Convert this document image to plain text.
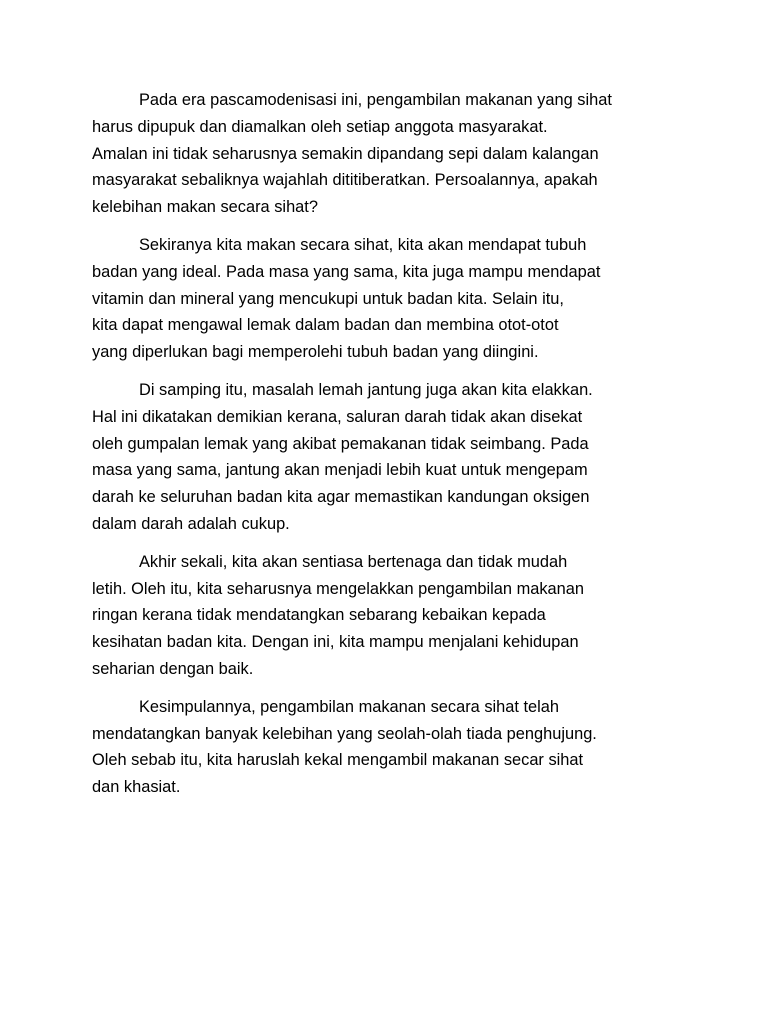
Pada era pascamodenisasi ini, pengambilan makanan yang sihat
harus dipupuk dan diamalkan oleh setiap anggota masyarakat.
Amalan ini tidak seharusnya semakin dipandang sepi dalam kalangan
masyarakat sebaliknya wajahlah dititiberatkan. Persoalannya, apakah
kelebihan makan secara sihat?
Sekiranya kita makan secara sihat, kita akan mendapat tubuh
badan yang ideal. Pada masa yang sama, kita juga mampu mendapat
vitamin dan mineral yang mencukupi untuk badan kita. Selain itu,
kita dapat mengawal lemak dalam badan dan membina otot-otot
yang diperlukan bagi memperolehi tubuh badan yang diingini.
Di samping itu, masalah lemah jantung juga akan kita elakkan.
Hal ini dikatakan demikian kerana, saluran darah tidak akan disekat
oleh gumpalan lemak yang akibat pemakanan tidak seimbang. Pada
masa yang sama, jantung akan menjadi lebih kuat untuk mengepam
darah ke seluruhan badan kita agar memastikan kandungan oksigen
dalam darah adalah cukup.
Akhir sekali, kita akan sentiasa bertenaga dan tidak mudah
letih. Oleh itu, kita seharusnya mengelakkan pengambilan makanan
ringan kerana tidak mendatangkan sebarang kebaikan kepada
kesihatan badan kita. Dengan ini, kita mampu menjalani kehidupan
seharian dengan baik.
Kesimpulannya, pengambilan makanan secara sihat telah
mendatangkan banyak kelebihan yang seolah-olah tiada penghujung.
Oleh sebab itu, kita haruslah kekal mengambil makanan secar sihat
dan khasiat.
